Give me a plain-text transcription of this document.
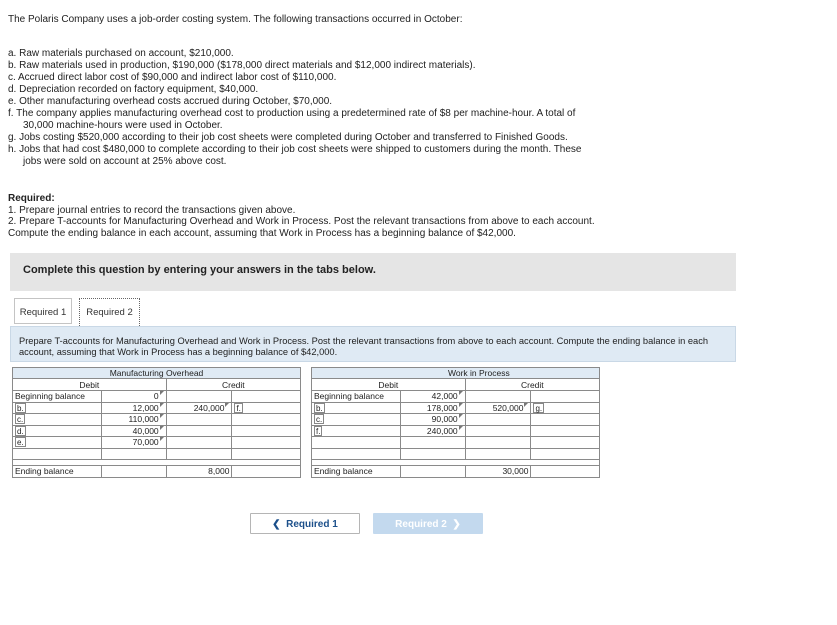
The Polaris Company uses a job-order costing system. The following transactions occurred in October:
a. Raw materials purchased on account, $210,000.
b. Raw materials used in production, $190,000 ($178,000 direct materials and $12,000 indirect materials).
c. Accrued direct labor cost of $90,000 and indirect labor cost of $110,000.
d. Depreciation recorded on factory equipment, $40,000.
e. Other manufacturing overhead costs accrued during October, $70,000.
f. The company applies manufacturing overhead cost to production using a predetermined rate of $8 per machine-hour. A total of
30,000 machine-hours were used in October.
g. Jobs costing $520,000 according to their job cost sheets were completed during October and transferred to Finished Goods.
h. Jobs that had cost $480,000 to complete according to their job cost sheets were shipped to customers during the month. These
jobs were sold on account at 25% above cost.
Required:
1. Prepare journal entries to record the transactions given above.
2. Prepare T-accounts for Manufacturing Overhead and Work in Process. Post the relevant transactions from above to each account.
Compute the ending balance in each account, assuming that Work in Process has a beginning balance of $42,000.
Complete this question by entering your answers in the tabs below.
Required 1	Required 2
Prepare T-accounts for Manufacturing Overhead and Work in Process. Post the relevant transactions from above to each account. Compute the ending balance in each account, assuming that Work in Process has a beginning balance of $42,000.
Manufacturing Overhead			
Debit		Credit	
Beginning balance	0		
b.	12,000	240,000	f.
c.	110,000		
d.	40,000		
e.	70,000		

Ending balance		8,000	
Work in Process			
Debit		Credit	
Beginning balance	42,000		
b.	178,000	520,000	g.
c.	90,000		
f.	240,000		

Ending balance		30,000	
❮ Required 1	Required 2 ❯
